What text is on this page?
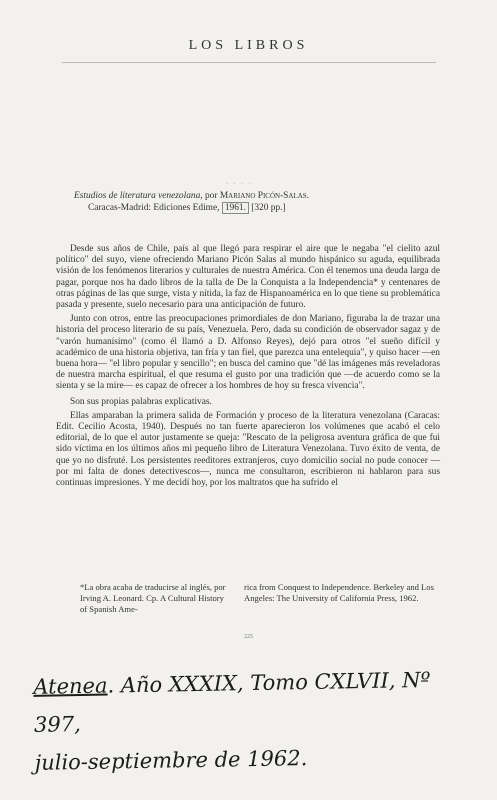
LOS LIBROS
· · · ·

Estudios de literatura venezolana, por Mariano Picón-Salas.

Caracas-Madrid: Ediciones Edime, 1961. [320 pp.]

Desde sus años de Chile, país al que llegó para respirar el aire que le negaba "el cielito azul político" del suyo, viene ofreciendo Mariano Picón Salas al mundo hispánico su aguda, equilibrada visión de los fenómenos literarios y culturales de nuestra América. Con él tenemos una deuda larga de pagar, porque nos ha dado libros de la talla de De la Conquista a la Independencia* y centenares de otras páginas de las que surge, vista y nítida, la faz de Hispanoamérica en lo que tiene su problemática pasada y presente, suelo necesario para una anticipación de futuro.

Junto con otros, entre las preocupaciones primordiales de don Mariano, figuraba la de trazar una historia del proceso literario de su país, Venezuela. Pero, dada su condición de observador sagaz y de "varón humanísimo" (como él llamó a D. Alfonso Reyes), dejó para otros "el sueño difícil y académico de una historia objetiva, tan fría y tan fiel, que parezca una entelequia", y quiso hacer —en buena hora— "el libro popular y sencillo"; en busca del camino que "dé las imágenes más reveladoras de nuestra marcha espiritual, el que resuma el gusto por una tradición que —de acuerdo como se la sienta y se la mire— es capaz de ofrecer a los hombres de hoy su fresca vivencia".

Son sus propias palabras explicativas.

Ellas amparaban la primera salida de Formación y proceso de la literatura venezolana (Caracas: Edit. Cecilio Acosta, 1940). Después no tan fuerte aparecieron los volúmenes que acabó el celo editorial, de lo que el autor justamente se queja: "Rescato de la peligrosa aventura gráfica de que fui sido víctima en los últimos años mi pequeño libro de Literatura Venezolana. Tuvo éxito de venta, de que yo no disfruté. Los persistentes reeditores extranjeros, cuyo domicilio social no pude conocer —por mi falta de dones detectivescos—, nunca me consultaron, escribieron ni hablaron para sus continuas impresiones. Y me decidí hoy, por los maltratos que ha sufrido el

*La obra acaba de traducirse al inglés, por Irving A. Leonard. Cp. A Cultural History of Spanish Ame-
rica from Conquest to Independence. Berkeley and Los Angeles: The University of California Press, 1962.
225
Atenea. Año XXXIX, Tomo CXLVII, Nº 397,
julio-septiembre de 1962.
